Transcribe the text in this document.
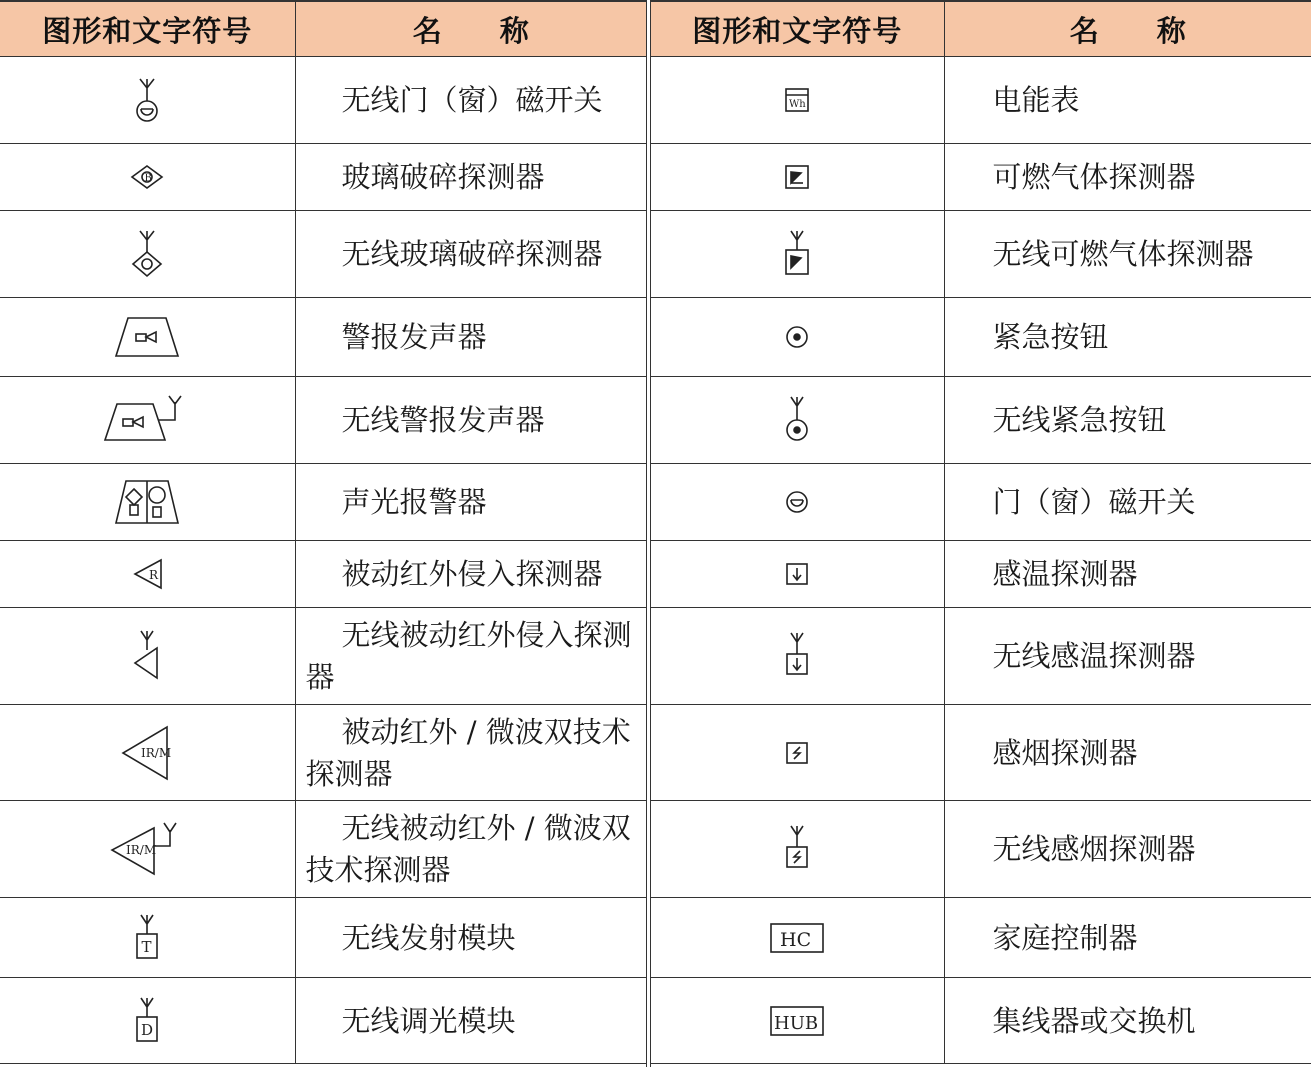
图形和文字符号	名 称

无线门（窗）磁开关

B	玻璃破碎探测器

无线玻璃破碎探测器

警报发声器

无线警报发声器

声光报警器

R	被动红外侵入探测器

无线被动红外侵入探测器

IR/M	被动红外 / 微波双技术探测器

IR/M	无线被动红外 / 微波双技术探测器

T	无线发射模块

D	无线调光模块
图形和文字符号	名 称

Wh	电能表

可燃气体探测器

无线可燃气体探测器

紧急按钮

无线紧急按钮

门（窗）磁开关

感温探测器

无线感温探测器

感烟探测器

无线感烟探测器

HC	家庭控制器

HUB	集线器或交换机
